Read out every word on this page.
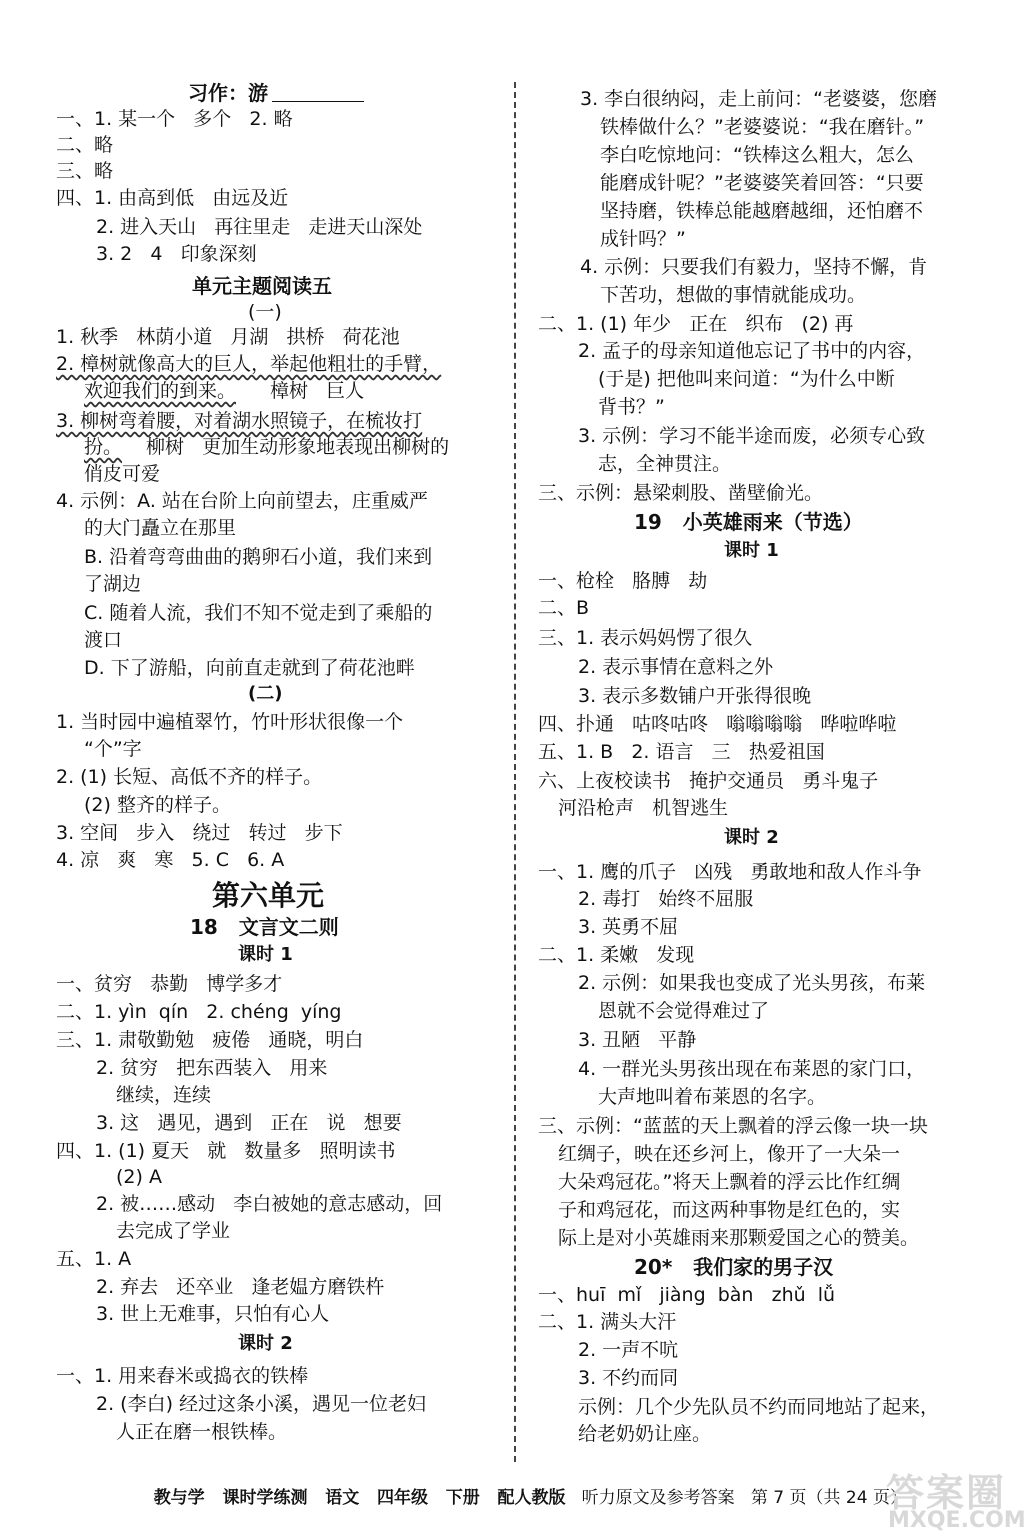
习作：游
一、1. 某一个   多个   2. 略
二、略
三、略
四、1. 由高到低   由远及近
2. 进入天山   再往里走   走进天山深处
3. 2   4   印象深刻
单元主题阅读五
(一)
1. 秋季   林荫小道   月湖   拱桥   荷花池
2. 樟树就像高大的巨人，举起他粗壮的手臂，
欢迎我们的到来。 樟树   巨人
3. 柳树弯着腰，对着湖水照镜子，在梳妆打
扮。 柳树   更加生动形象地表现出柳树的
俏皮可爱
4. 示例：A. 站在台阶上向前望去，庄重威严
的大门矗立在那里
B. 沿着弯弯曲曲的鹅卵石小道，我们来到
了湖边
C. 随着人流，我们不知不觉走到了乘船的
渡口
D. 下了游船，向前直走就到了荷花池畔
(二)
1. 当时园中遍植翠竹，竹叶形状很像一个
“个”字
2. (1) 长短、高低不齐的样子。
(2) 整齐的样子。
3. 空间   步入   绕过   转过   步下
4. 凉   爽   寒   5. C   6. A
第六单元
18   文言文二则
课时 1
一、贫穷   恭勤   博学多才
二、1. yìn  qín   2. chéng  yíng
三、1. 肃敬勤勉   疲倦   通晓，明白
2. 贫穷   把东西装入   用来
继续，连续
3. 这   遇见，遇到   正在   说   想要
四、1. (1) 夏天   就   数量多   照明读书
(2) A
2. 被……感动   李白被她的意志感动，回
去完成了学业
五、1. A
2. 弃去   还卒业   逢老媪方磨铁杵
3. 世上无难事，只怕有心人
课时 2
一、1. 用来舂米或捣衣的铁棒
2. (李白) 经过这条小溪，遇见一位老妇
人正在磨一根铁棒。
3. 李白很纳闷，走上前问：“老婆婆，您磨
铁棒做什么？”老婆婆说：“我在磨针。”
李白吃惊地问：“铁棒这么粗大，怎么
能磨成针呢？”老婆婆笑着回答：“只要
坚持磨，铁棒总能越磨越细，还怕磨不
成针吗？”
4. 示例：只要我们有毅力，坚持不懈，肯
下苦功，想做的事情就能成功。
二、1. (1) 年少   正在   织布   (2) 再
2. 孟子的母亲知道他忘记了书中的内容，
(于是) 把他叫来问道：“为什么中断
背书？”
3. 示例：学习不能半途而废，必须专心致
志，全神贯注。
三、示例：悬梁刺股、凿壁偷光。
19   小英雄雨来（节选）
课时 1
一、枪栓   胳膊   劫
二、B
三、1. 表示妈妈愣了很久
2. 表示事情在意料之外
3. 表示多数铺户开张得很晚
四、扑通   咕咚咕咚   嗡嗡嗡嗡   哗啦哗啦
五、1. B   2. 语言   三   热爱祖国
六、上夜校读书   掩护交通员   勇斗鬼子
河沿枪声   机智逃生
课时 2
一、1. 鹰的爪子   凶残   勇敢地和敌人作斗争
2. 毒打   始终不屈服
3. 英勇不屈
二、1. 柔嫩   发现
2. 示例：如果我也变成了光头男孩，布莱
恩就不会觉得难过了
3. 丑陋   平静
4. 一群光头男孩出现在布莱恩的家门口，
大声地叫着布莱恩的名字。
三、示例：“蓝蓝的天上飘着的浮云像一块一块
红绸子，映在还乡河上，像开了一大朵一
大朵鸡冠花。”将天上飘着的浮云比作红绸
子和鸡冠花，而这两种事物是红色的，实
际上是对小英雄雨来那颗爱国之心的赞美。
20*   我们家的男子汉
一、huī  mǐ   jiàng  bàn   zhǔ  lǚ
二、1. 满头大汗
2. 一声不吭
3. 不约而同
示例：几个少先队员不约而同地站了起来，
给老奶奶让座。

教与学   课时学练测   语文   四年级   下册   配人教版   听力原文及参考答案   第 7 页（共 24 页）

答案圈
MXQE.COM
